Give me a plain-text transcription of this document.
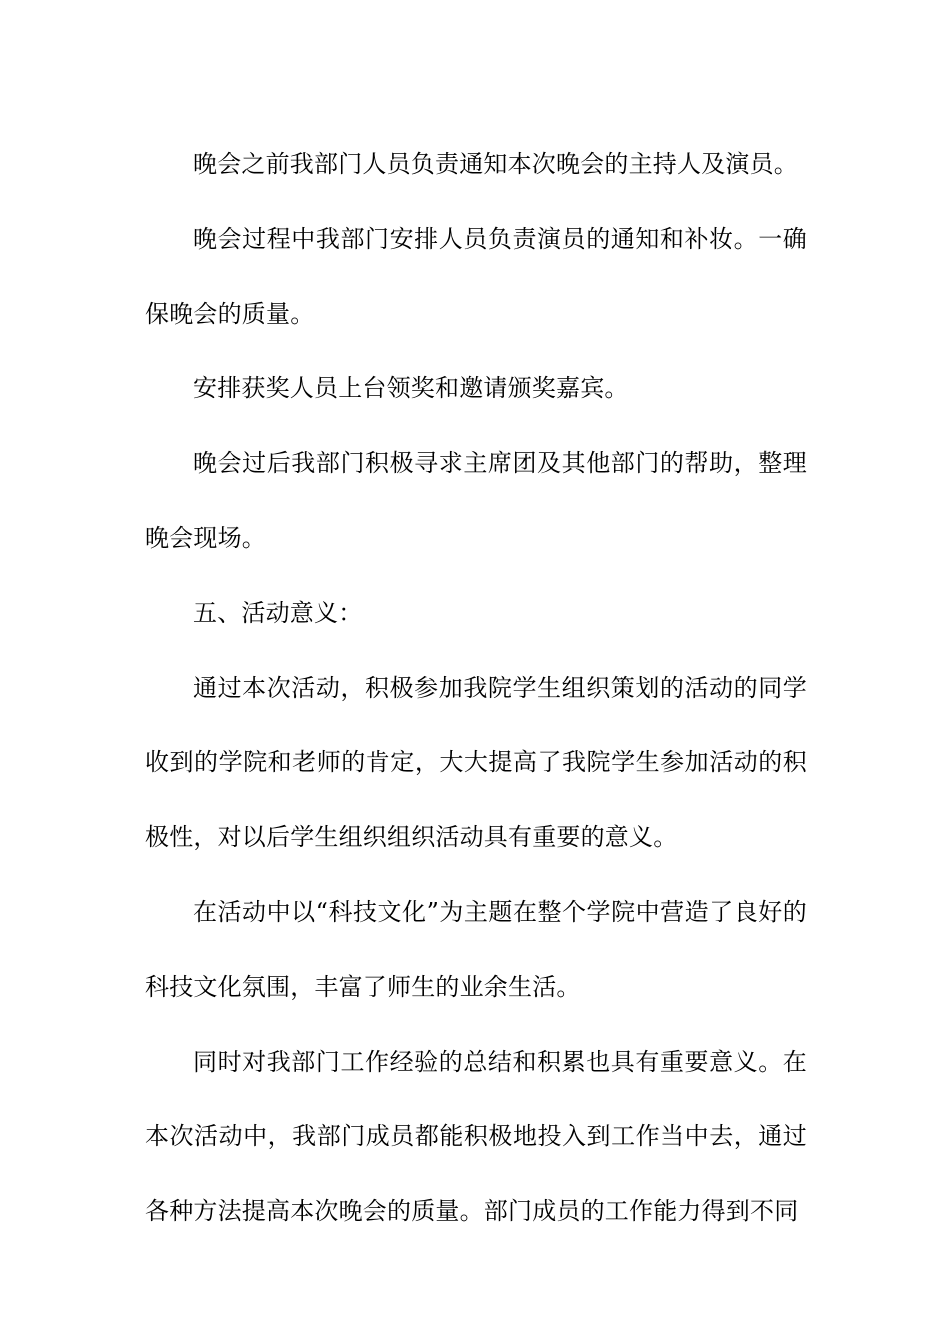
晚会之前我部门人员负责通知本次晚会的主持人及演员。

晚会过程中我部门安排人员负责演员的通知和补妆。一确保晚会的质量。

安排获奖人员上台领奖和邀请颁奖嘉宾。

晚会过后我部门积极寻求主席团及其他部门的帮助，整理晚会现场。

五、活动意义：

通过本次活动，积极参加我院学生组织策划的活动的同学收到的学院和老师的肯定，大大提高了我院学生参加活动的积极性，对以后学生组织组织活动具有重要的意义。

在活动中以“科技文化”为主题在整个学院中营造了良好的科技文化氛围，丰富了师生的业余生活。

同时对我部门工作经验的总结和积累也具有重要意义。在本次活动中，我部门成员都能积极地投入到工作当中去，通过各种方法提高本次晚会的质量。部门成员的工作能力得到不同
